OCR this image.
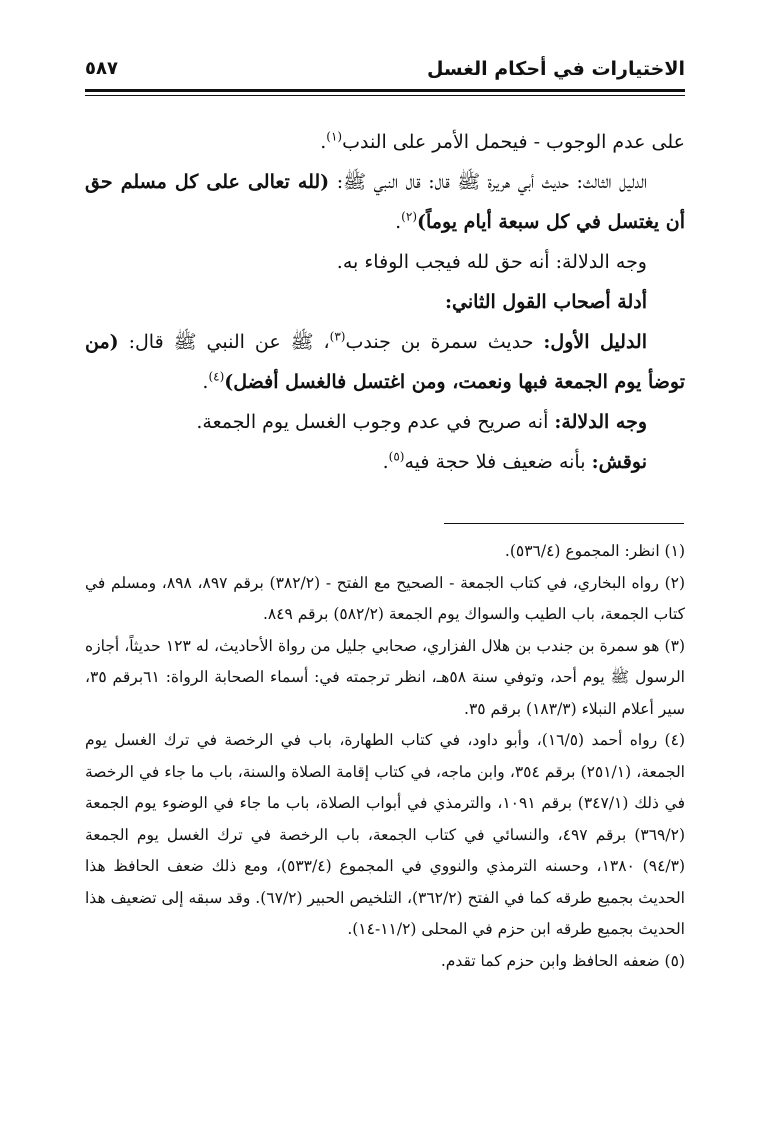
الاختيارات في أحكام الغسل
٥٨٧

على عدم الوجوب - فيحمل الأمر على الندب$^{(١)}$.

الدليل الثالث: حديث أبي هريرة ﷺ قال: قال النبي ﷺ: (لله تعالى على كل مسلم حق أن يغتسل في كل سبعة أيام يوماً)$^{(٢)}$.

وجه الدلالة: أنه حق لله فيجب الوفاء به.

أدلة أصحاب القول الثاني:

الدليل الأول: حديث سمرة بن جندب$^{(٣)}$، ﷺ عن النبي ﷺ قال: (من توضأ يوم الجمعة فبها ونعمت، ومن اغتسل فالغسل أفضل)$^{(٤)}$.

وجه الدلالة: أنه صريح في عدم وجوب الغسل يوم الجمعة.

نوقش: بأنه ضعيف فلا حجة فيه$^{(٥)}$.

(١) انظر: المجموع (٥٣٦/٤).

(٢) رواه البخاري، في كتاب الجمعة - الصحيح مع الفتح - (٣٨٢/٢) برقم ٨٩٧، ٨٩٨، ومسلم في كتاب الجمعة، باب الطيب والسواك يوم الجمعة (٥٨٢/٢) برقم ٨٤٩.

(٣) هو سمرة بن جندب بن هلال الفزاري، صحابي جليل من رواة الأحاديث، له ١٢٣ حديثاً، أجازه الرسول ﷺ يوم أحد، وتوفي سنة ٥٨هـ، انظر ترجمته في: أسماء الصحابة الرواة: ٦١برقم ٣٥، سير أعلام النبلاء (١٨٣/٣) برقم ٣٥.

(٤) رواه أحمد (١٦/٥)، وأبو داود، في كتاب الطهارة، باب في الرخصة في ترك الغسل يوم الجمعة، (٢٥١/١) برقم ٣٥٤، وابن ماجه، في كتاب إقامة الصلاة والسنة، باب ما جاء في الرخصة في ذلك (٣٤٧/١) برقم ١٠٩١، والترمذي في أبواب الصلاة، باب ما جاء في الوضوء يوم الجمعة (٣٦٩/٢) برقم ٤٩٧، والنسائي في كتاب الجمعة، باب الرخصة في ترك الغسل يوم الجمعة (٩٤/٣) ١٣٨٠، وحسنه الترمذي والنووي في المجموع (٥٣٣/٤)، ومع ذلك ضعف الحافظ هذا الحديث بجميع طرقه كما في الفتح (٣٦٢/٢)، التلخيص الحبير (٦٧/٢). وقد سبقه إلى تضعيف هذا الحديث بجميع طرقه ابن حزم في المحلى (١١/٢-١٤).

(٥) ضعفه الحافظ وابن حزم كما تقدم.
